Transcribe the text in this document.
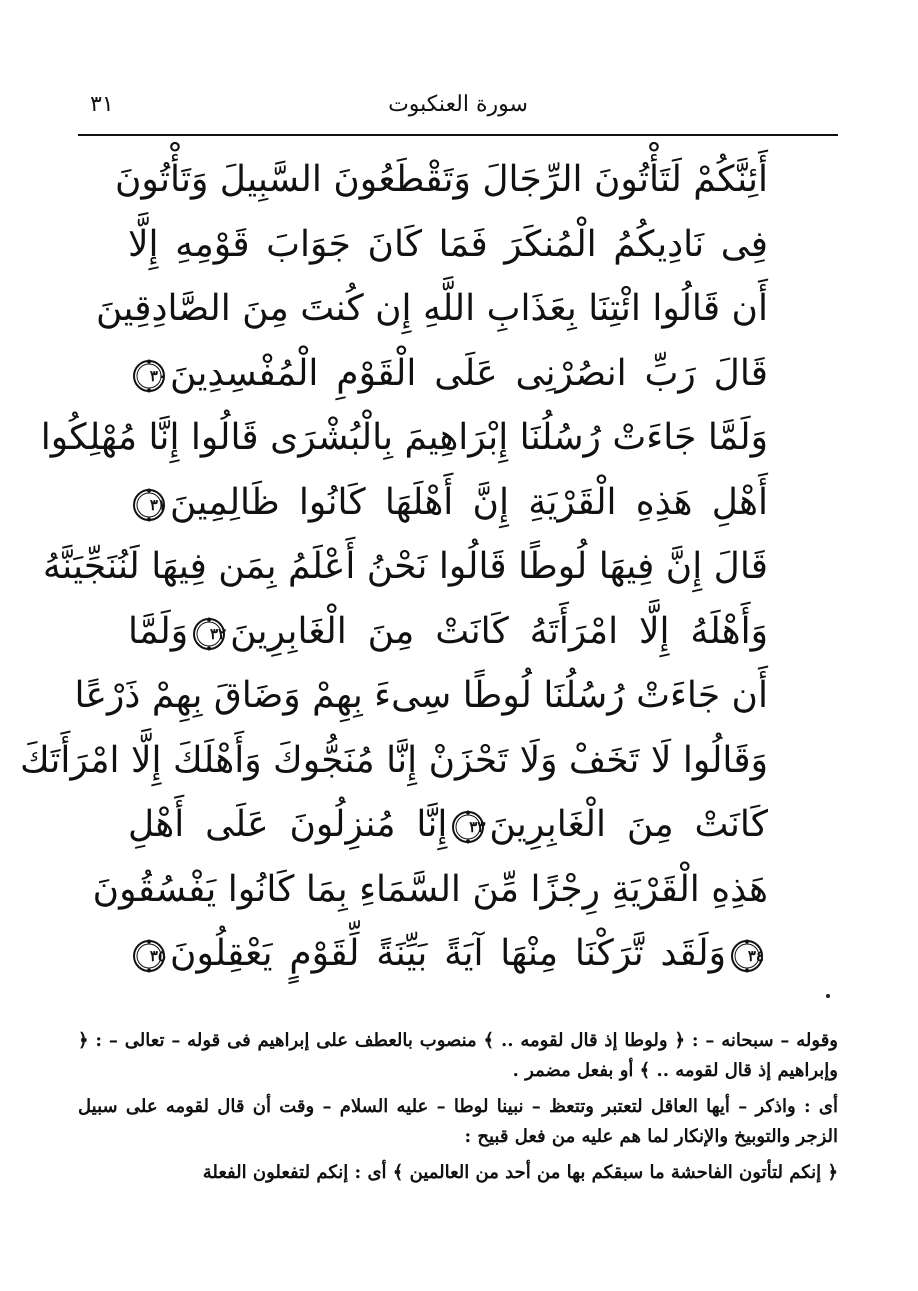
٣١	سورة العنكبوت
أَئِنَّكُمْ لَتَأْتُونَ الرِّجَالَ وَتَقْطَعُونَ السَّبِيلَ وَتَأْتُونَ
فِى نَادِيكُمُ الْمُنكَرَ فَمَا كَانَ جَوَابَ قَوْمِهِ إِلَّا
أَن قَالُوا ائْتِنَا بِعَذَابِ اللَّهِ إِن كُنتَ مِنَ الصَّادِقِينَ
قَالَ رَبِّ انصُرْنِى عَلَى الْقَوْمِ الْمُفْسِدِينَ
٣٠
وَلَمَّا جَاءَتْ رُسُلُنَا إِبْرَاهِيمَ بِالْبُشْرَى قَالُوا إِنَّا مُهْلِكُوا
أَهْلِ هَذِهِ الْقَرْيَةِ إِنَّ أَهْلَهَا كَانُوا ظَالِمِينَ
٣١
قَالَ إِنَّ فِيهَا لُوطًا قَالُوا نَحْنُ أَعْلَمُ بِمَن فِيهَا لَنُنَجِّيَنَّهُ
وَأَهْلَهُ إِلَّا امْرَأَتَهُ كَانَتْ مِنَ الْغَابِرِينَ
٣٢
وَلَمَّا
أَن جَاءَتْ رُسُلُنَا لُوطًا سِىءَ بِهِمْ وَضَاقَ بِهِمْ ذَرْعًا
وَقَالُوا لَا تَخَفْ وَلَا تَحْزَنْ إِنَّا مُنَجُّوكَ وَأَهْلَكَ إِلَّا امْرَأَتَكَ
كَانَتْ مِنَ الْغَابِرِينَ
٣٣
إِنَّا مُنزِلُونَ عَلَى أَهْلِ
هَذِهِ الْقَرْيَةِ رِجْزًا مِّنَ السَّمَاءِ بِمَا كَانُوا يَفْسُقُونَ
٣٤
وَلَقَد تَّرَكْنَا مِنْهَا آيَةً بَيِّنَةً لِّقَوْمٍ يَعْقِلُونَ
٣٥

وقوله – سبحانه – : ﴿ ولوطا إذ قال لقومه .. ﴾ منصوب بالعطف على إبراهيم فى قوله – تعالى – : ﴿ وإبراهيم إذ قال لقومه .. ﴾ أو بفعل مضمر .

أى : واذكر – أيها العاقل لتعتبر وتتعظ – نبينا لوطا – عليه السلام – وقت أن قال لقومه على سبيل الزجر والتوبيخ والإنكار لما هم عليه من فعل قبيح :

﴿ إنكم لتأتون الفاحشة ما سبقكم بها من أحد من العالمين ﴾ أى : إنكم لتفعلون الفعلة
